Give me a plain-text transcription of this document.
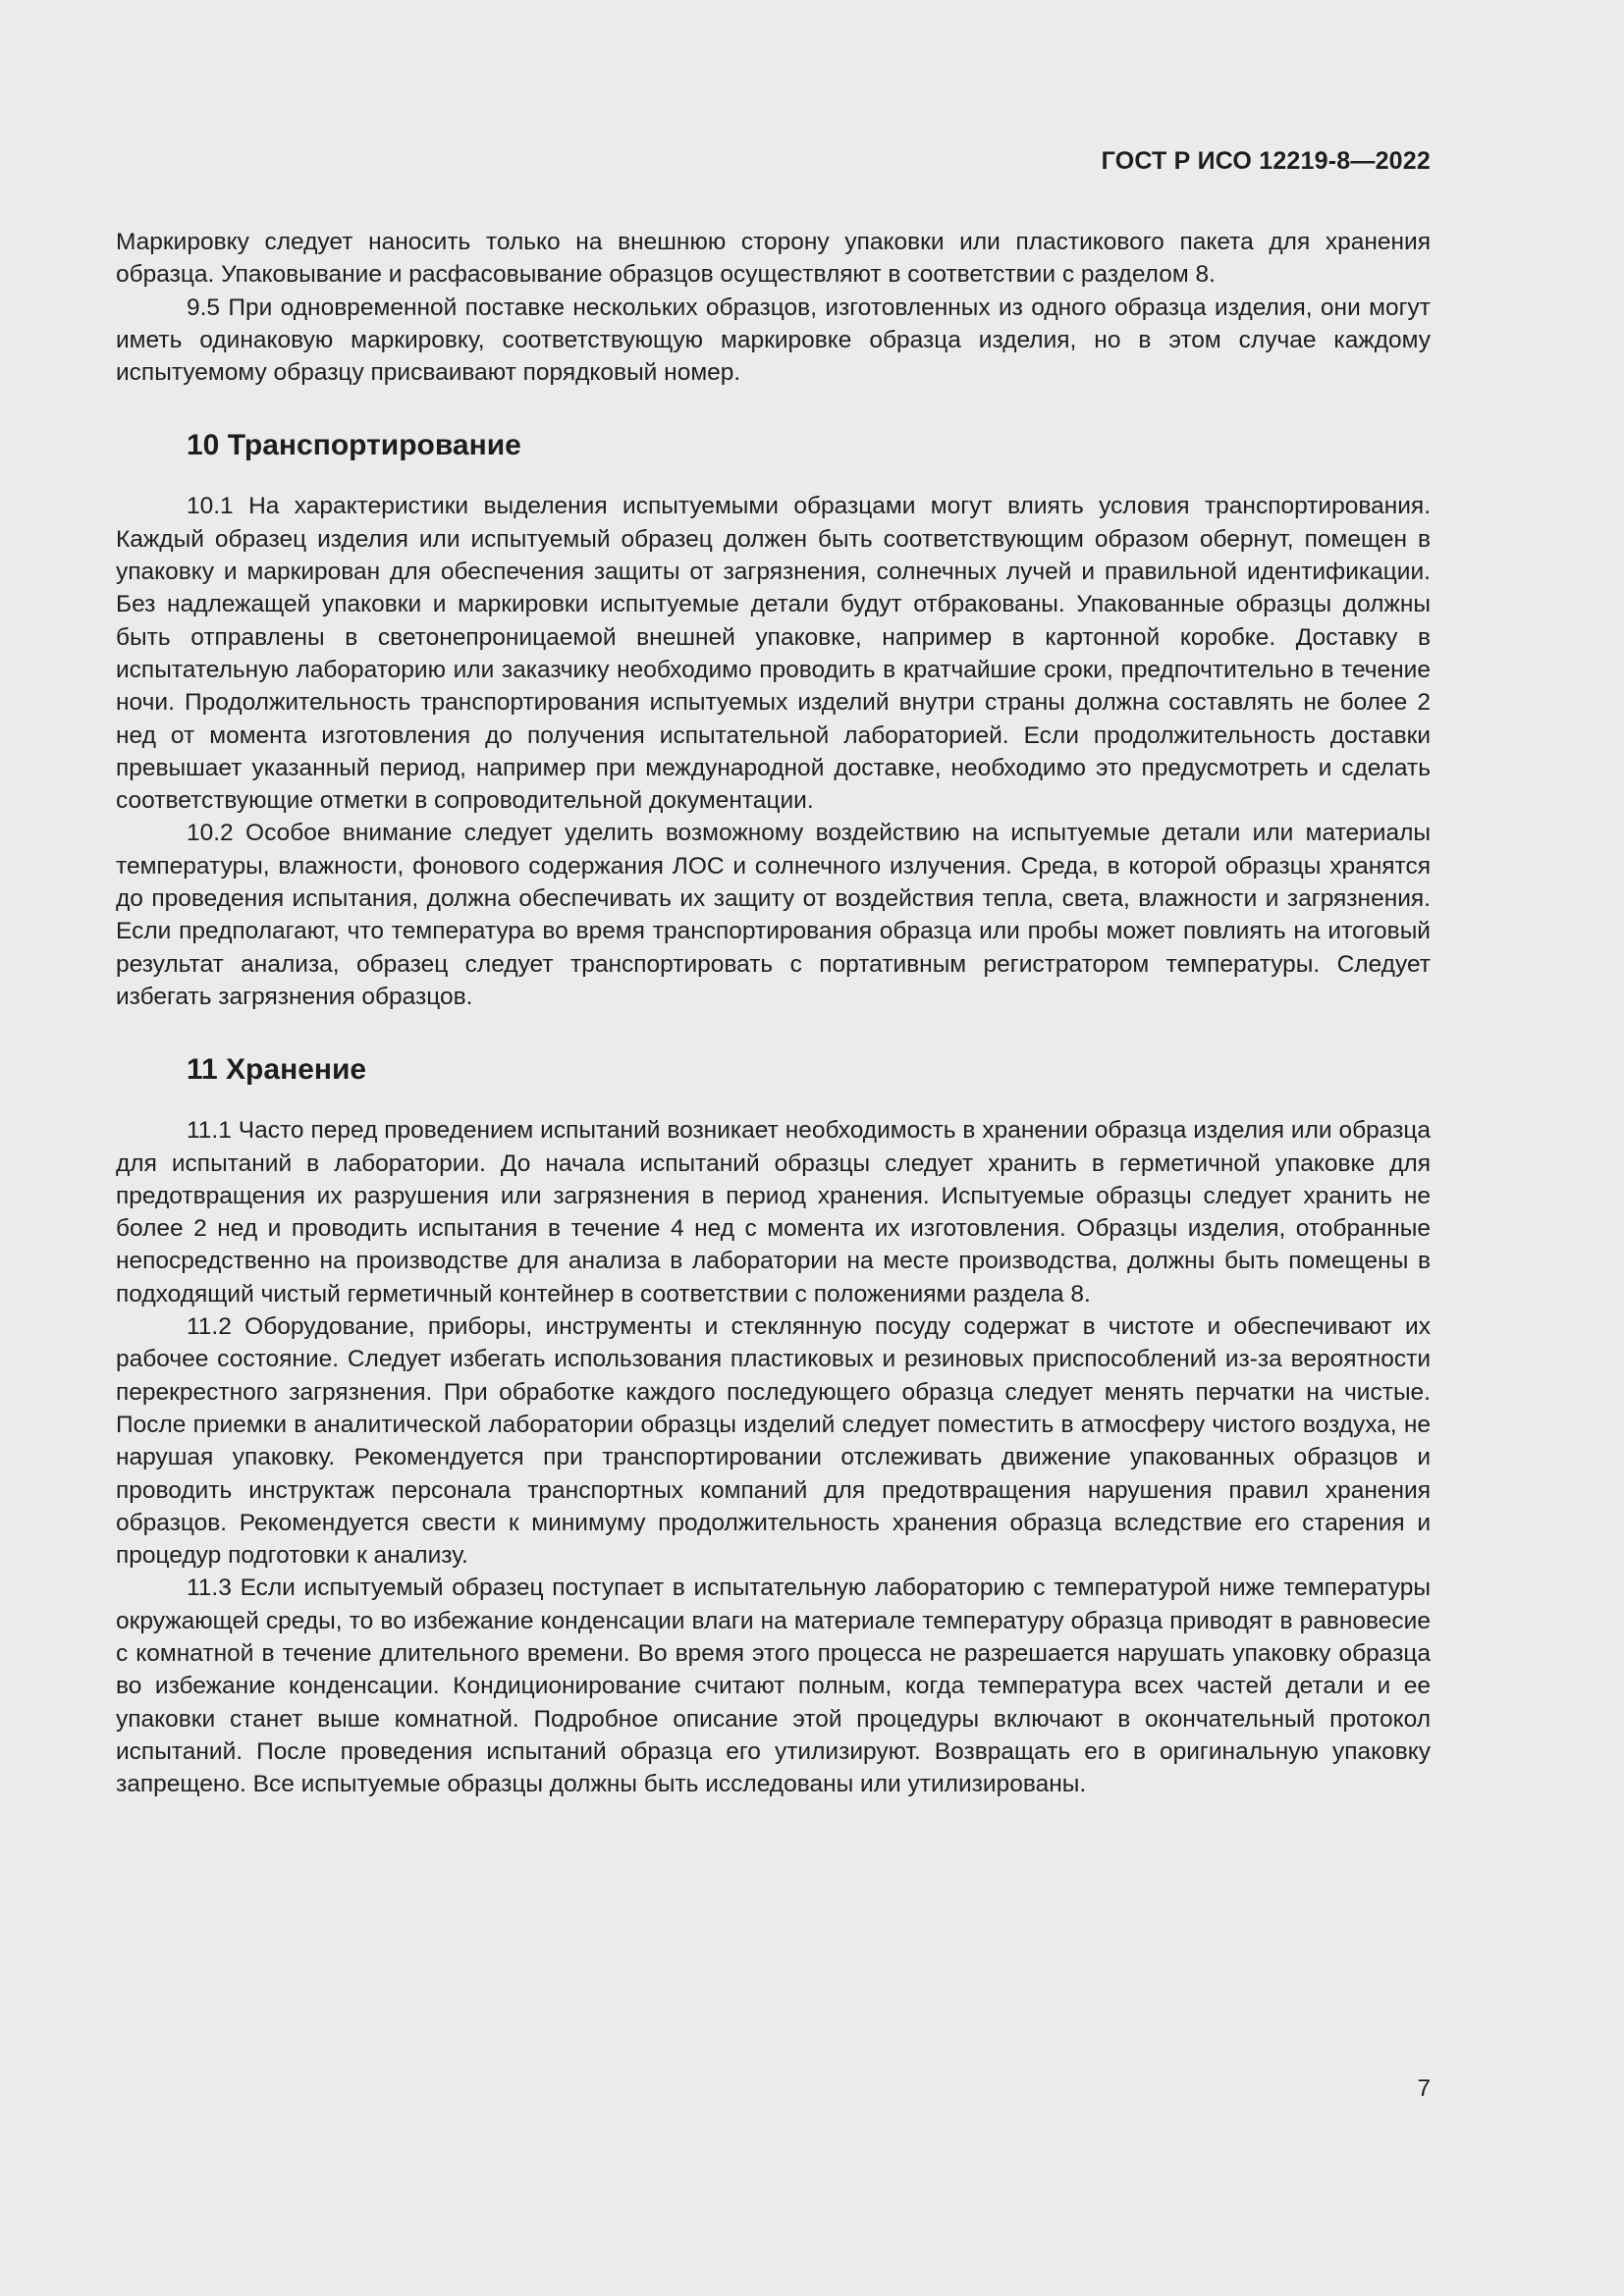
ГОСТ Р ИСО 12219-8—2022

Маркировку следует наносить только на внешнюю сторону упаковки или пластикового пакета для хранения образца. Упаковывание и расфасовывание образцов осуществляют в соответствии с разделом 8.

9.5 При одновременной поставке нескольких образцов, изготовленных из одного образца изделия, они могут иметь одинаковую маркировку, соответствующую маркировке образца изделия, но в этом случае каждому испытуемому образцу присваивают порядковый номер.

10 Транспортирование

10.1 На характеристики выделения испытуемыми образцами могут влиять условия транспортирования. Каждый образец изделия или испытуемый образец должен быть соответствующим образом обернут, помещен в упаковку и маркирован для обеспечения защиты от загрязнения, солнечных лучей и правильной идентификации. Без надлежащей упаковки и маркировки испытуемые детали будут отбракованы. Упакованные образцы должны быть отправлены в светонепроницаемой внешней упаковке, например в картонной коробке. Доставку в испытательную лабораторию или заказчику необходимо проводить в кратчайшие сроки, предпочтительно в течение ночи. Продолжительность транспортирования испытуемых изделий внутри страны должна составлять не более 2 нед от момента изготовления до получения испытательной лабораторией. Если продолжительность доставки превышает указанный период, например при международной доставке, необходимо это предусмотреть и сделать соответствующие отметки в сопроводительной документации.

10.2 Особое внимание следует уделить возможному воздействию на испытуемые детали или материалы температуры, влажности, фонового содержания ЛОС и солнечного излучения. Среда, в которой образцы хранятся до проведения испытания, должна обеспечивать их защиту от воздействия тепла, света, влажности и загрязнения. Если предполагают, что температура во время транспортирования образца или пробы может повлиять на итоговый результат анализа, образец следует транспортировать с портативным регистратором температуры. Следует избегать загрязнения образцов.

11 Хранение

11.1 Часто перед проведением испытаний возникает необходимость в хранении образца изделия или образца для испытаний в лаборатории. До начала испытаний образцы следует хранить в герметичной упаковке для предотвращения их разрушения или загрязнения в период хранения. Испытуемые образцы следует хранить не более 2 нед и проводить испытания в течение 4 нед с момента их изготовления. Образцы изделия, отобранные непосредственно на производстве для анализа в лаборатории на месте производства, должны быть помещены в подходящий чистый герметичный контейнер в соответствии с положениями раздела 8.

11.2 Оборудование, приборы, инструменты и стеклянную посуду содержат в чистоте и обеспечивают их рабочее состояние. Следует избегать использования пластиковых и резиновых приспособлений из-за вероятности перекрестного загрязнения. При обработке каждого последующего образца следует менять перчатки на чистые. После приемки в аналитической лаборатории образцы изделий следует поместить в атмосферу чистого воздуха, не нарушая упаковку. Рекомендуется при транспортировании отслеживать движение упакованных образцов и проводить инструктаж персонала транспортных компаний для предотвращения нарушения правил хранения образцов. Рекомендуется свести к минимуму продолжительность хранения образца вследствие его старения и процедур подготовки к анализу.

11.3 Если испытуемый образец поступает в испытательную лабораторию с температурой ниже температуры окружающей среды, то во избежание конденсации влаги на материале температуру образца приводят в равновесие с комнатной в течение длительного времени. Во время этого процесса не разрешается нарушать упаковку образца во избежание конденсации. Кондиционирование считают полным, когда температура всех частей детали и ее упаковки станет выше комнатной. Подробное описание этой процедуры включают в окончательный протокол испытаний. После проведения испытаний образца его утилизируют. Возвращать его в оригинальную упаковку запрещено. Все испытуемые образцы должны быть исследованы или утилизированы.

7
